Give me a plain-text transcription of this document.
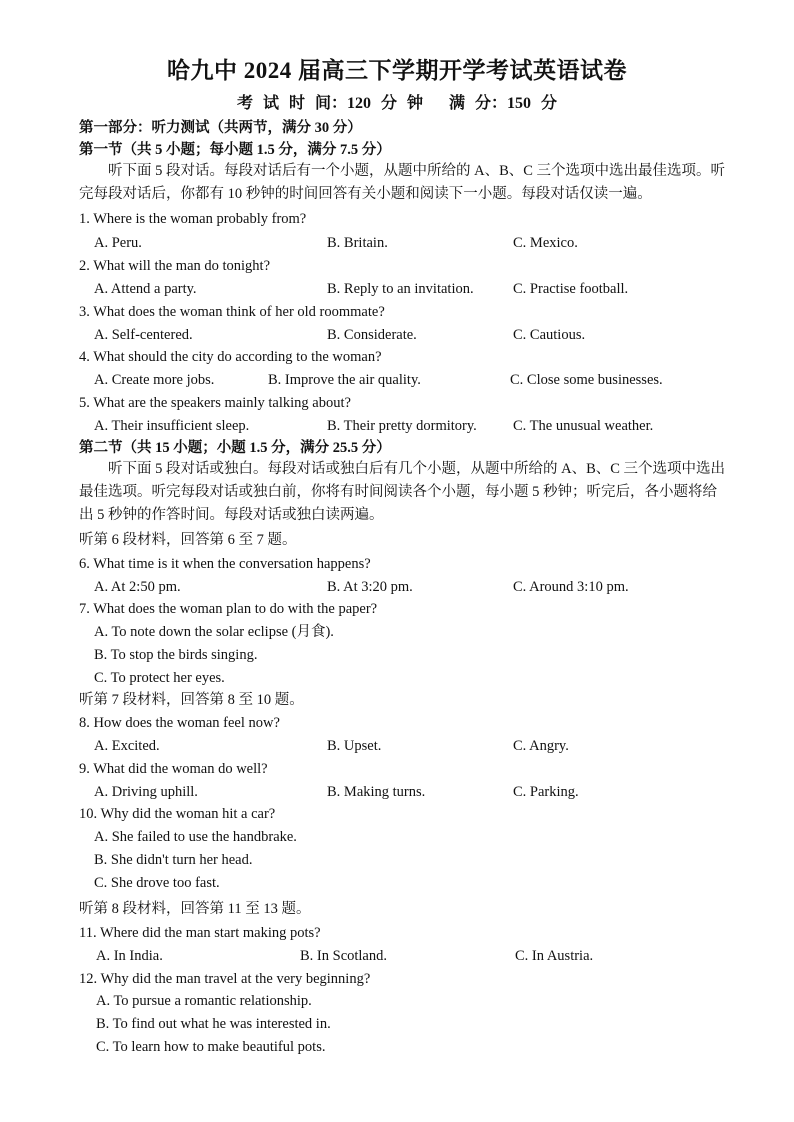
哈九中 2024 届高三下学期开学考试英语试卷
考 试 时 间：120 分 钟　 满 分：150 分
第一部分：听力测试（共两节，满分 30 分）
第一节（共 5 小题；每小题 1.5 分，满分 7.5 分）
听下面 5 段对话。每段对话后有一个小题，从题中所给的 A、B、C 三个选项中选出最佳选项。听完每段对话后，你都有 10 秒钟的时间回答有关小题和阅读下一小题。每段对话仅读一遍。
1. Where is the woman probably from?
A. Peru.	B. Britain.	C. Mexico.
2. What will the man do tonight?
A. Attend a party.	B. Reply to an invitation.	C. Practise football.
3. What does the woman think of her old roommate?
A. Self-centered.	B. Considerate.	C. Cautious.
4. What should the city do according to the woman?
A. Create more jobs.	B. Improve the air quality.	C. Close some businesses.
5. What are the speakers mainly talking about?
A. Their insufficient sleep.	B. Their pretty dormitory. C. The unusual weather.
第二节（共 15 小题；小题 1.5 分，满分 25.5 分）
听下面 5 段对话或独白。每段对话或独白后有几个小题，从题中所给的 A、B、C 三个选项中选出最佳选项。听完每段对话或独白前，你将有时间阅读各个小题，每小题 5 秒钟；听完后，各小题将给出 5 秒钟的作答时间。每段对话或独白读两遍。
听第 6 段材料，回答第 6 至 7 题。
6. What time is it when the conversation happens?
A. At 2:50 pm.	B. At 3:20 pm.	C. Around 3:10 pm.
7. What does the woman plan to do with the paper?
A. To note down the solar eclipse (月食).
B. To stop the birds singing.
C. To protect her eyes.
听第 7 段材料，回答第 8 至 10 题。
8. How does the woman feel now?
A. Excited.	B. Upset.	C. Angry.
9. What did the woman do well?
A. Driving uphill.	B. Making turns.	C. Parking.
10. Why did the woman hit a car?
A. She failed to use the handbrake.
B. She didn't turn her head.
C. She drove too fast.
听第 8 段材料，回答第 11 至 13 题。
11. Where did the man start making pots?
A. In India.	B. In Scotland.	C. In Austria.
12. Why did the man travel at the very beginning?
A. To pursue a romantic relationship.
B. To find out what he was interested in.
C. To learn how to make beautiful pots.
